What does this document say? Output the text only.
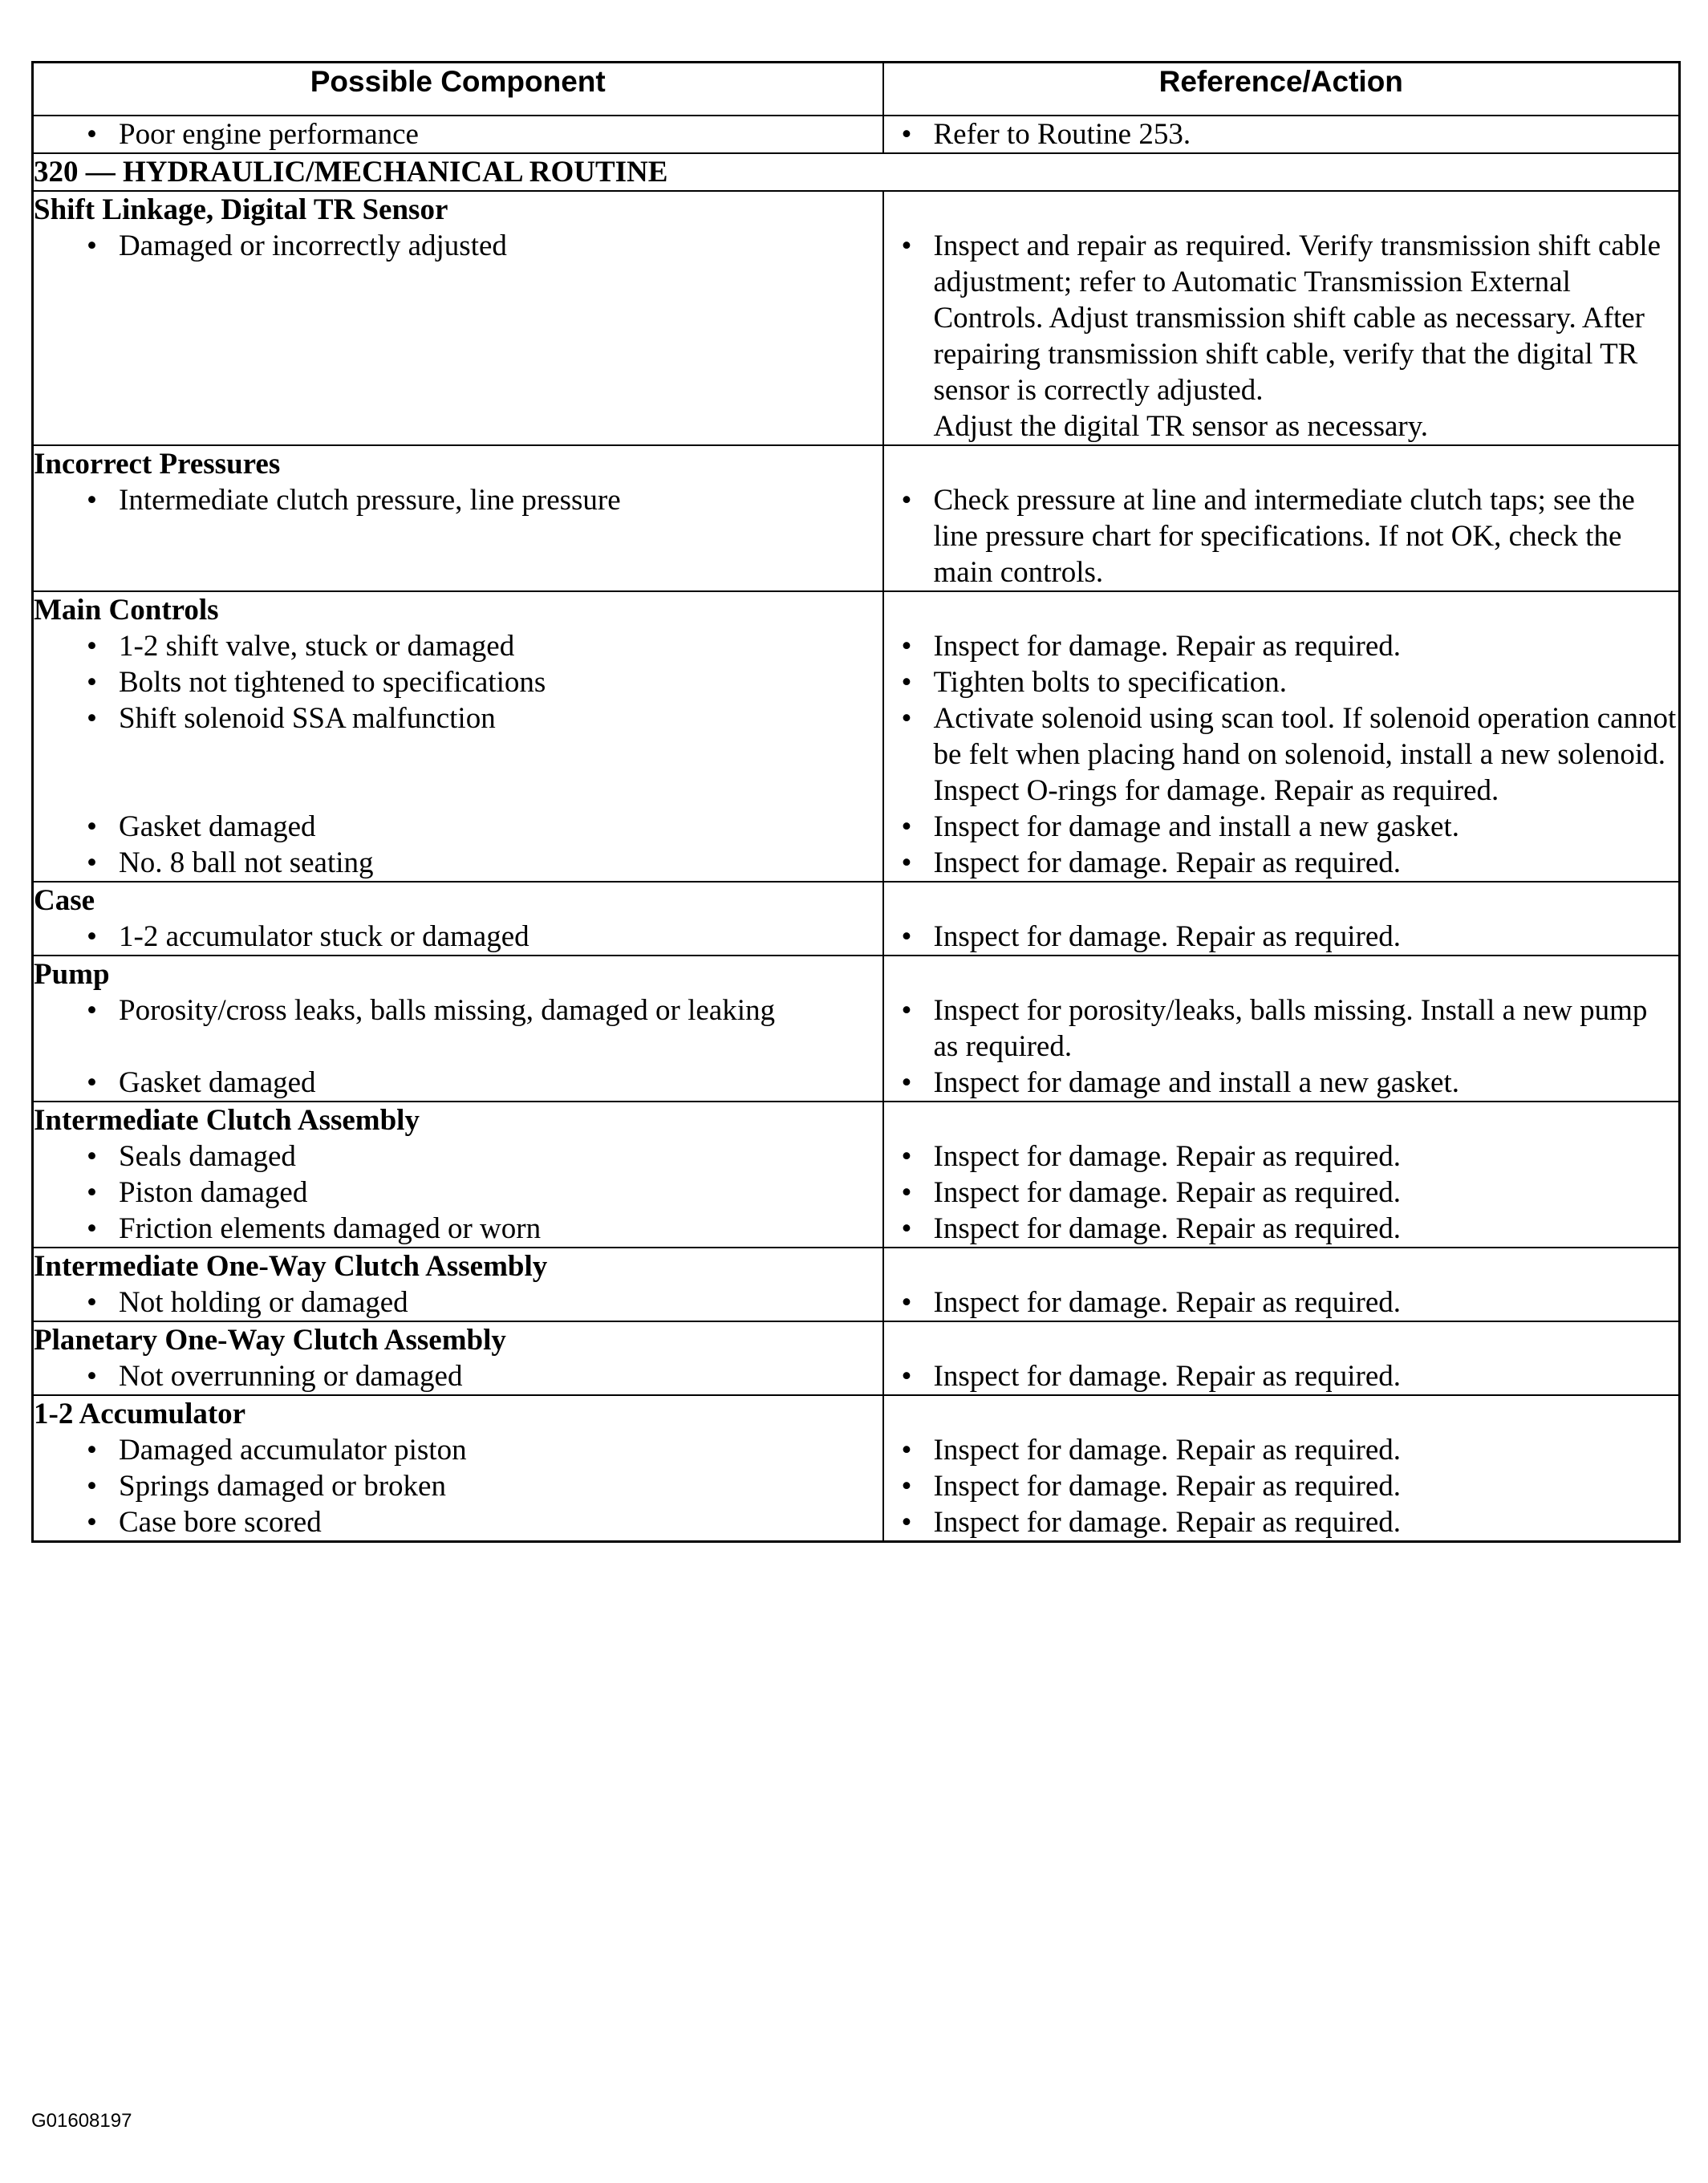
Possible Component	Reference/Action

• Poor engine performance	• Refer to Routine 253.

320 — HYDRAULIC/MECHANICAL ROUTINE	
Shift Linkage, Digital TR Sensor	

• Damaged or incorrectly adjusted	• Inspect and repair as required. Verify transmission shift cable adjustment; refer to Automatic Transmission External Controls. Adjust transmission shift cable as necessary. After repairing transmission shift cable, verify that the digital TR sensor is correctly adjusted.
Adjust the digital TR sensor as necessary.

Incorrect Pressures	

• Intermediate clutch pressure, line pressure	• Check pressure at line and intermediate clutch taps; see the line pressure chart for specifications. If not OK, check the main controls.

Main Controls	

• 1-2 shift valve, stuck or damaged	• Inspect for damage. Repair as required.

• Bolts not tightened to specifications	• Tighten bolts to specification.

• Shift solenoid SSA malfunction	• Activate solenoid using scan tool. If solenoid operation cannot be felt when placing hand on solenoid, install a new solenoid. Inspect O-rings for damage. Repair as required.

• Gasket damaged	• Inspect for damage and install a new gasket.

• No. 8 ball not seating	• Inspect for damage. Repair as required.

Case	

• 1-2 accumulator stuck or damaged	• Inspect for damage. Repair as required.

Pump	

• Porosity/cross leaks, balls missing, damaged or leaking	• Inspect for porosity/leaks, balls missing. Install a new pump as required.

• Gasket damaged	• Inspect for damage and install a new gasket.

Intermediate Clutch Assembly	

• Seals damaged	• Inspect for damage. Repair as required.

• Piston damaged	• Inspect for damage. Repair as required.

• Friction elements damaged or worn	• Inspect for damage. Repair as required.

Intermediate One-Way Clutch Assembly	

• Not holding or damaged	• Inspect for damage. Repair as required.

Planetary One-Way Clutch Assembly	

• Not overrunning or damaged	• Inspect for damage. Repair as required.

1-2 Accumulator	

• Damaged accumulator piston	• Inspect for damage. Repair as required.

• Springs damaged or broken	• Inspect for damage. Repair as required.

• Case bore scored	• Inspect for damage. Repair as required.
G01608197
